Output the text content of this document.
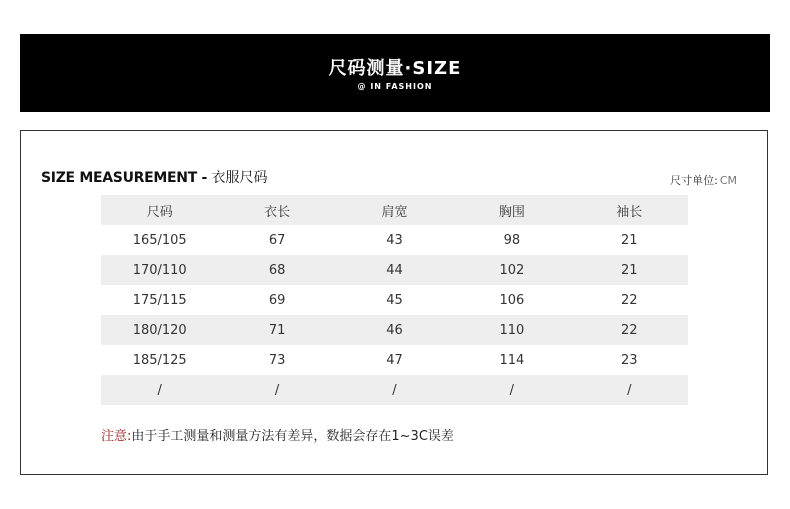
尺码测量·SIZE
@ IN FASHION
SIZE MEASUREMENT - 衣服尺码	尺寸单位: CM
尺码	衣长	肩宽	胸围	袖长
165/105	67	43	98	21
170/110	68	44	102	21
175/115	69	45	106	22
180/120	71	46	110	22
185/125	73	47	114	23
/	/	/	/	/
注意:由于手工测量和测量方法有差异，数据会存在1~3C误差
